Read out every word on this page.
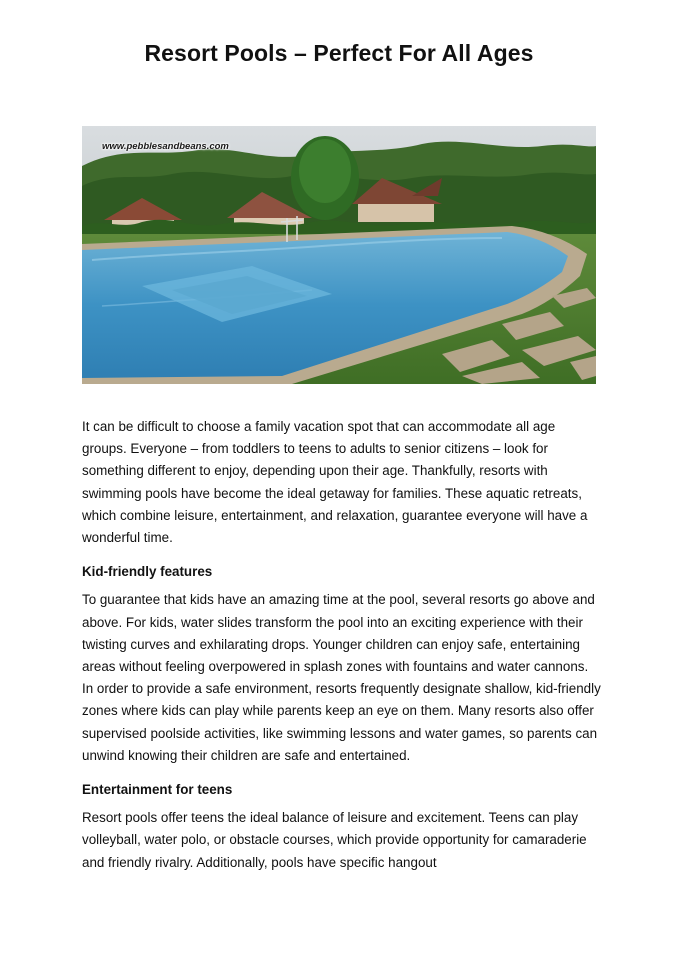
Resort Pools – Perfect For All Ages
www.pebblesandbeans.com

It can be difficult to choose a family vacation spot that can accommodate all age groups. Everyone – from toddlers to teens to adults to senior citizens – look for something different to enjoy, depending upon their age. Thankfully, resorts with swimming pools have become the ideal getaway for families. These aquatic retreats, which combine leisure, entertainment, and relaxation, guarantee everyone will have a wonderful time.

Kid-friendly features

To guarantee that kids have an amazing time at the pool, several resorts go above and above. For kids, water slides transform the pool into an exciting experience with their twisting curves and exhilarating drops. Younger children can enjoy safe, entertaining areas without feeling overpowered in splash zones with fountains and water cannons. In order to provide a safe environment, resorts frequently designate shallow, kid-friendly zones where kids can play while parents keep an eye on them. Many resorts also offer supervised poolside activities, like swimming lessons and water games, so parents can unwind knowing their children are safe and entertained.

Entertainment for teens

Resort pools offer teens the ideal balance of leisure and excitement. Teens can play volleyball, water polo, or obstacle courses, which provide opportunity for camaraderie and friendly rivalry. Additionally, pools have specific hangout
